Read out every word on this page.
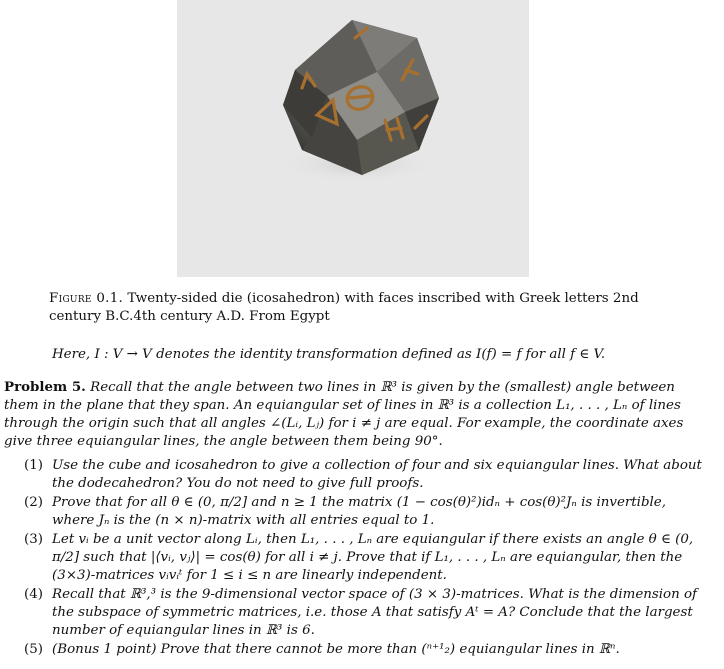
Figure 0.1. Twenty-sided die (icosahedron) with faces inscribed with Greek letters 2nd century B.C.4th century A.D. From Egypt
Here, I : V → V denotes the identity transformation defined as I(f) = f for all f ∈ V.
Problem 5. Recall that the angle between two lines in ℝ³ is given by the (smallest) angle between them in the plane that they span. An equiangular set of lines in ℝ³ is a collection L₁, . . . , Lₙ of lines through the origin such that all angles ∠(Lᵢ, Lⱼ) for i ≠ j are equal. For example, the coordinate axes give three equiangular lines, the angle between them being 90°.
(1) Use the cube and icosahedron to give a collection of four and six equiangular lines. What about the dodecahedron? You do not need to give full proofs.
(2) Prove that for all θ ∈ (0, π/2] and n ≥ 1 the matrix (1 − cos(θ)²)idₙ + cos(θ)²Jₙ is invertible, where Jₙ is the (n × n)-matrix with all entries equal to 1.
(3) Let vᵢ be a unit vector along Lᵢ, then L₁, . . . , Lₙ are equiangular if there exists an angle θ ∈ (0, π/2] such that |⟨vᵢ, vⱼ⟩| = cos(θ) for all i ≠ j. Prove that if L₁, . . . , Lₙ are equiangular, then the (3×3)-matrices vᵢvᵢᵗ for 1 ≤ i ≤ n are linearly independent.
(4) Recall that ℝ³,³ is the 9-dimensional vector space of (3 × 3)-matrices. What is the dimension of the subspace of symmetric matrices, i.e. those A that satisfy Aᵗ = A? Conclude that the largest number of equiangular lines in ℝ³ is 6.
(5) (Bonus 1 point) Prove that there cannot be more than (ⁿ⁺¹₂) equiangular lines in ℝⁿ.
